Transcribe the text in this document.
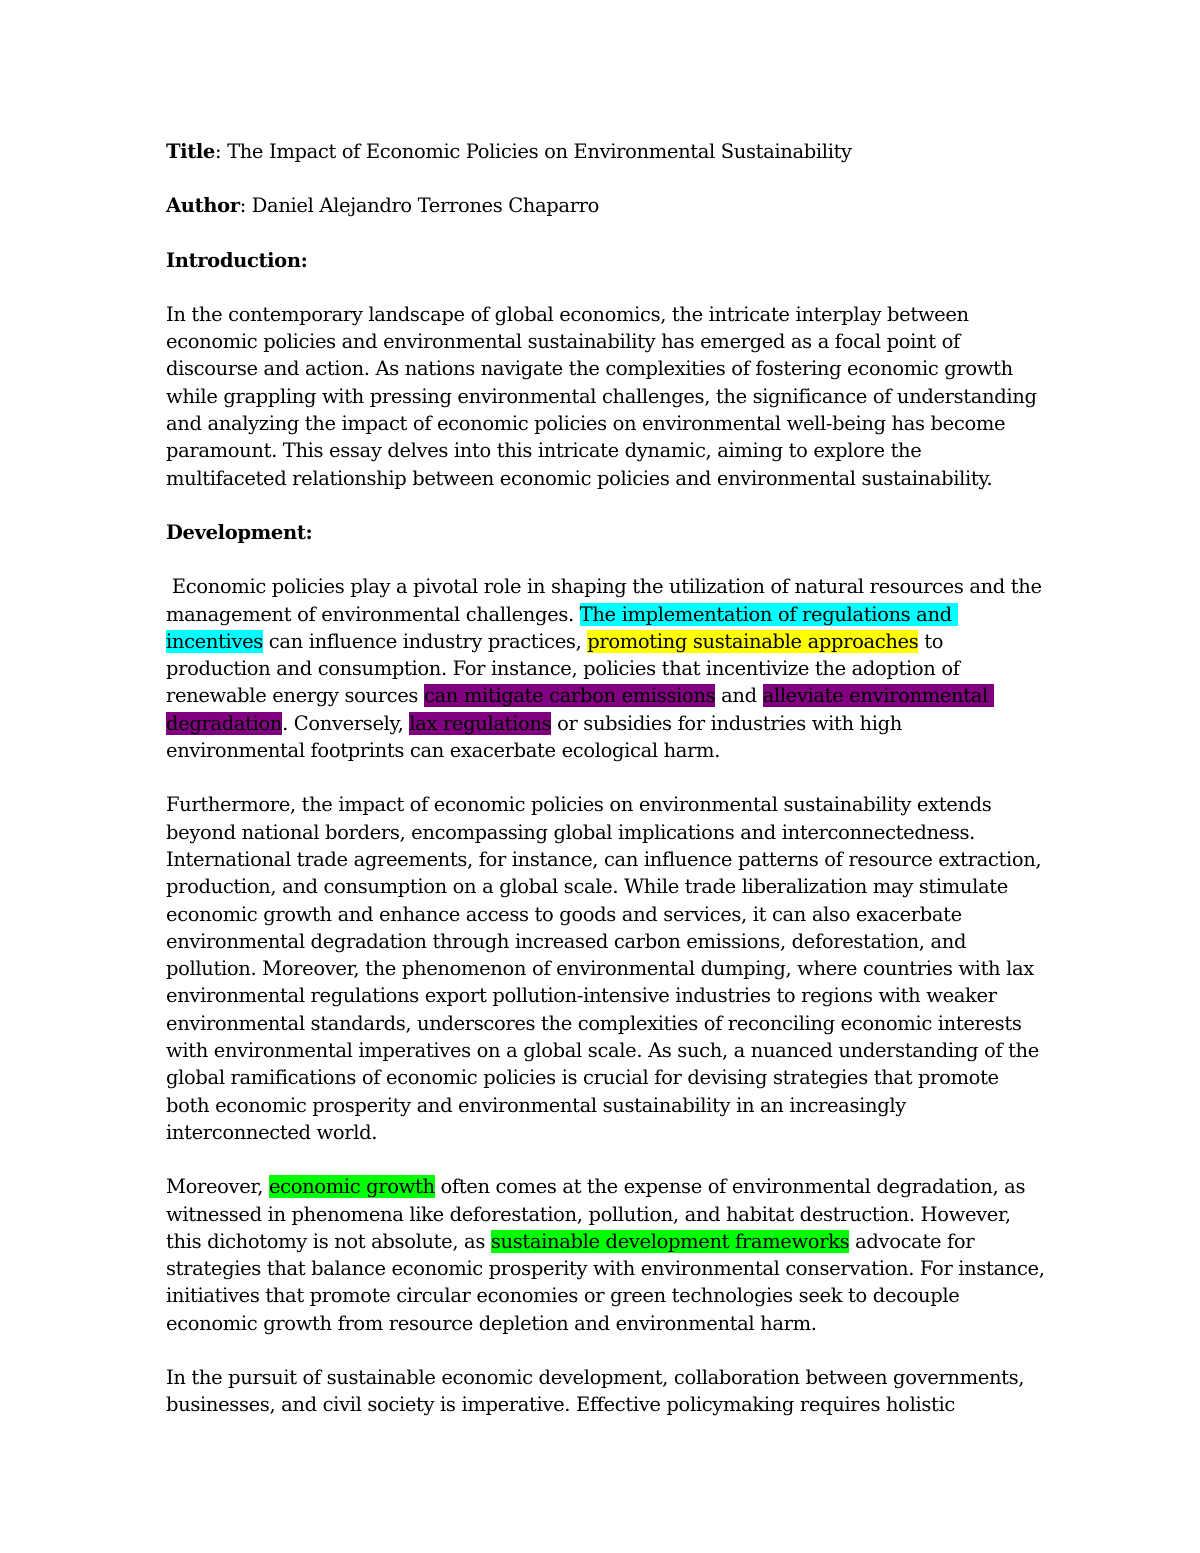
Title: The Impact of Economic Policies on Environmental Sustainability

Author: Daniel Alejandro Terrones Chaparro

Introduction:

In the contemporary landscape of global economics, the intricate interplay between economic policies and environmental sustainability has emerged as a focal point of discourse and action. As nations navigate the complexities of fostering economic growth while grappling with pressing environmental challenges, the significance of understanding and analyzing the impact of economic policies on environmental well-being has become paramount. This essay delves into this intricate dynamic, aiming to explore the multifaceted relationship between economic policies and environmental sustainability.

Development:

Economic policies play a pivotal role in shaping the utilization of natural resources and the management of environmental challenges. The implementation of regulations and incentives can influence industry practices, promoting sustainable approaches to production and consumption. For instance, policies that incentivize the adoption of renewable energy sources can mitigate carbon emissions and alleviate environmental degradation. Conversely, lax regulations or subsidies for industries with high environmental footprints can exacerbate ecological harm.

Furthermore, the impact of economic policies on environmental sustainability extends beyond national borders, encompassing global implications and interconnectedness. International trade agreements, for instance, can influence patterns of resource extraction, production, and consumption on a global scale. While trade liberalization may stimulate economic growth and enhance access to goods and services, it can also exacerbate environmental degradation through increased carbon emissions, deforestation, and pollution. Moreover, the phenomenon of environmental dumping, where countries with lax environmental regulations export pollution-intensive industries to regions with weaker environmental standards, underscores the complexities of reconciling economic interests with environmental imperatives on a global scale. As such, a nuanced understanding of the global ramifications of economic policies is crucial for devising strategies that promote both economic prosperity and environmental sustainability in an increasingly interconnected world.

Moreover, economic growth often comes at the expense of environmental degradation, as witnessed in phenomena like deforestation, pollution, and habitat destruction. However, this dichotomy is not absolute, as sustainable development frameworks advocate for strategies that balance economic prosperity with environmental conservation. For instance, initiatives that promote circular economies or green technologies seek to decouple economic growth from resource depletion and environmental harm.

In the pursuit of sustainable economic development, collaboration between governments, businesses, and civil society is imperative. Effective policymaking requires holistic
